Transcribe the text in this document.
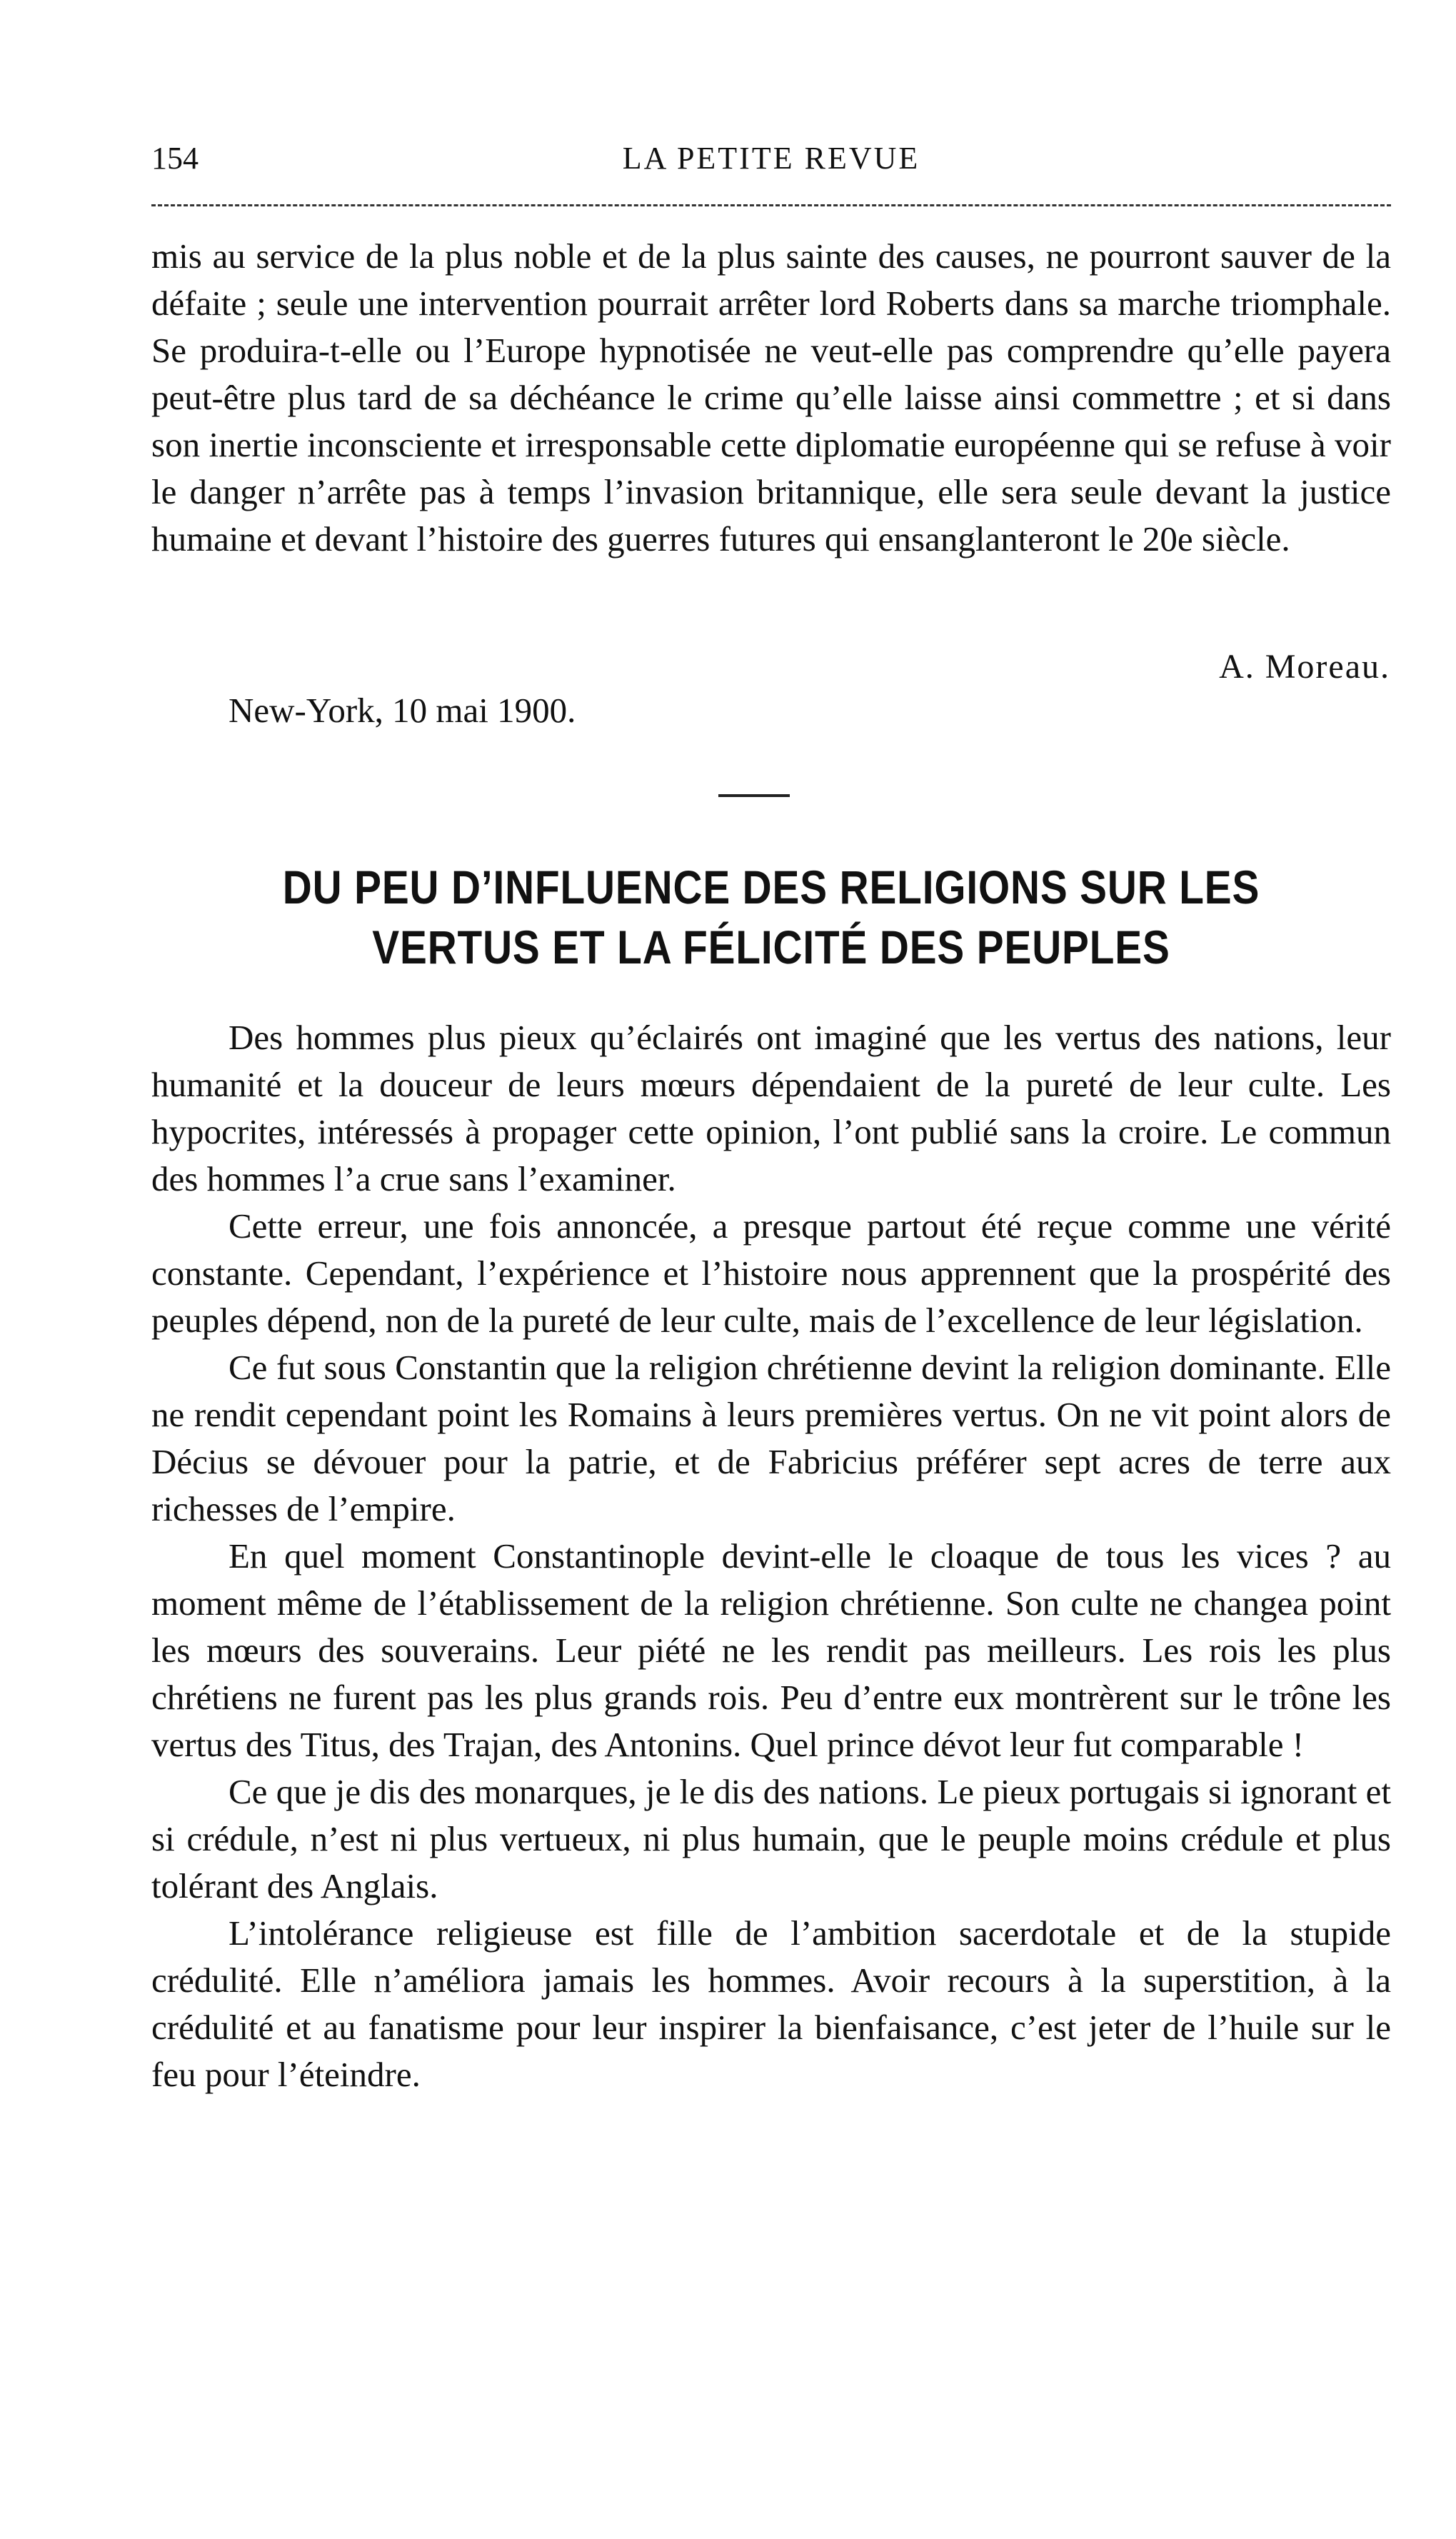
154	LA PETITE REVUE
mis au service de la plus noble et de la plus sainte des causes, ne pourront sauver de la défaite ; seule une intervention pourrait arrêter lord Roberts dans sa marche triomphale. Se produira-t-elle ou l’Europe hypnotisée ne veut-elle pas comprendre qu’elle payera peut-être plus tard de sa déchéance le crime qu’elle laisse ainsi commettre ; et si dans son inertie inconsciente et irresponsable cette diplomatie européenne qui se refuse à voir le danger n’arrête pas à temps l’invasion britannique, elle sera seule devant la justice humaine et devant l’histoire des guerres futures qui ensanglanteront le 20e siècle.
A. Moreau.
New-York, 10 mai 1900.
DU PEU D’INFLUENCE DES RELIGIONS SUR LES
VERTUS ET LA FÉLICITÉ DES PEUPLES

Des hommes plus pieux qu’éclairés ont imaginé que les vertus des nations, leur humanité et la douceur de leurs mœurs dépendaient de la pureté de leur culte. Les hypocrites, intéressés à propager cette opinion, l’ont publié sans la croire. Le commun des hommes l’a crue sans l’examiner.

Cette erreur, une fois annoncée, a presque partout été reçue comme une vérité constante. Cependant, l’expérience et l’histoire nous apprennent que la prospérité des peuples dépend, non de la pureté de leur culte, mais de l’excellence de leur législation.

Ce fut sous Constantin que la religion chrétienne devint la religion dominante. Elle ne rendit cependant point les Romains à leurs premières vertus. On ne vit point alors de Décius se dévouer pour la patrie, et de Fabricius préférer sept acres de terre aux richesses de l’empire.

En quel moment Constantinople devint-elle le cloaque de tous les vices ? au moment même de l’établissement de la religion chrétienne. Son culte ne changea point les mœurs des souverains. Leur piété ne les rendit pas meilleurs. Les rois les plus chrétiens ne furent pas les plus grands rois. Peu d’entre eux montrèrent sur le trône les vertus des Titus, des Trajan, des Antonins. Quel prince dévot leur fut comparable !

Ce que je dis des monarques, je le dis des nations. Le pieux portugais si ignorant et si crédule, n’est ni plus vertueux, ni plus humain, que le peuple moins crédule et plus tolérant des Anglais.

L’intolérance religieuse est fille de l’ambition sacerdotale et de la stupide crédulité. Elle n’améliora jamais les hommes. Avoir recours à la superstition, à la crédulité et au fanatisme pour leur inspirer la bienfaisance, c’est jeter de l’huile sur le feu pour l’éteindre.
